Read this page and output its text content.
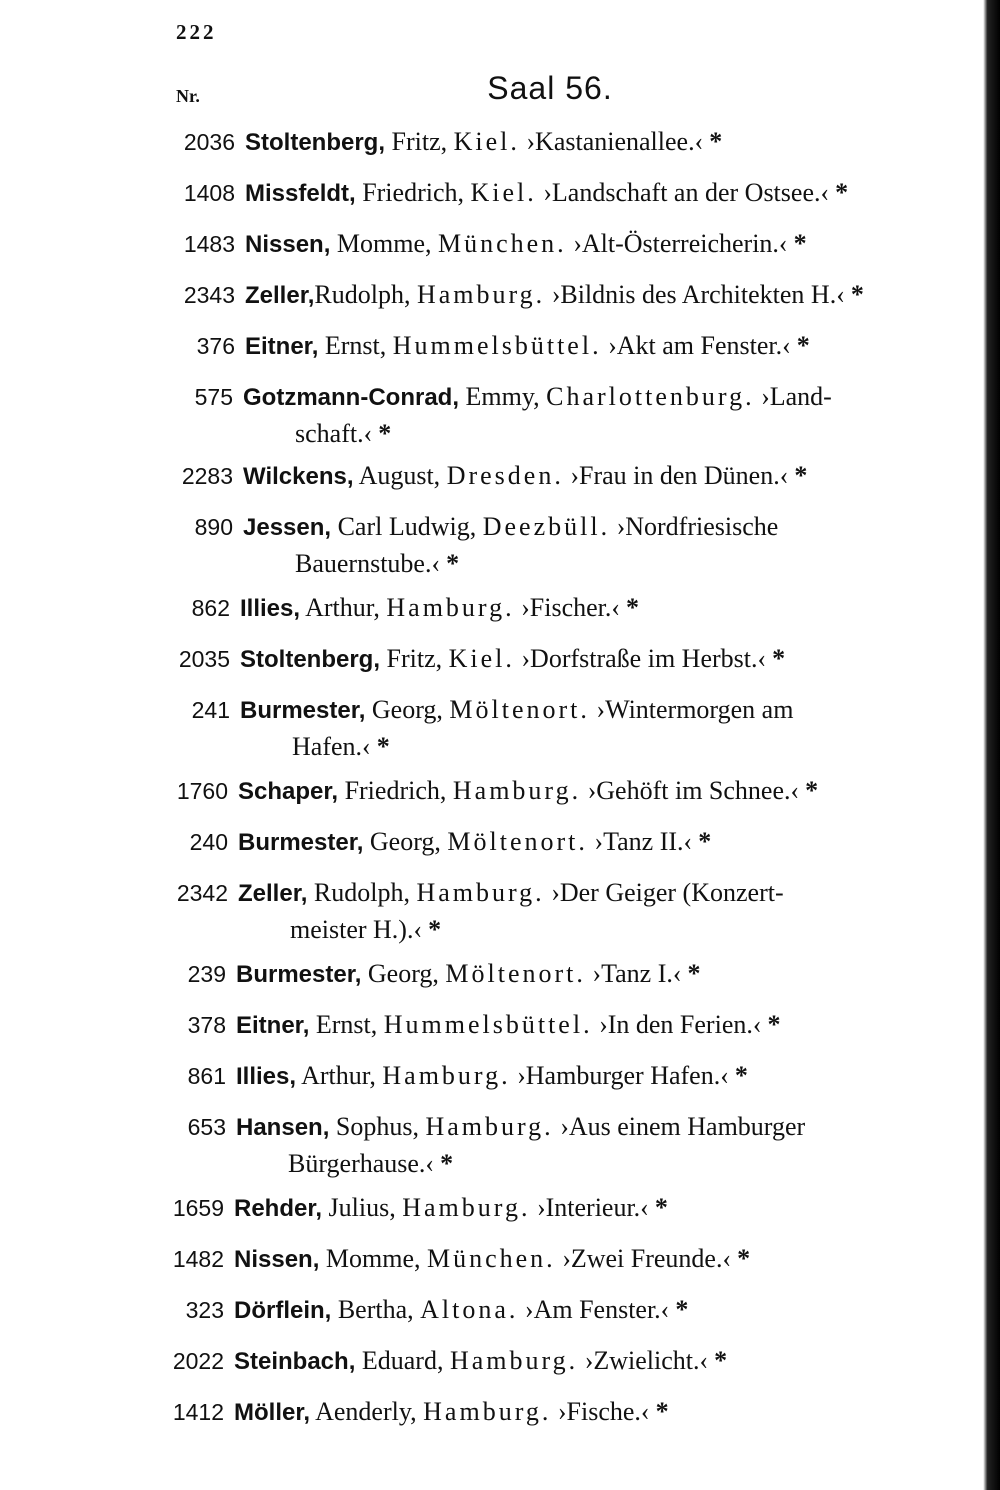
222
Nr.	Saal 56.
2036 Stoltenberg, Fritz, Kiel. ›Kastanienallee.‹ *
1408 Missfeldt, Friedrich, Kiel. ›Landschaft an der Ostsee.‹ *
1483 Nissen, Momme, München. ›Alt-Österreicherin.‹ *
2343 Zeller,Rudolph, Hamburg. ›Bildnis des Architekten H.‹ *
376 Eitner, Ernst, Hummelsbüttel. ›Akt am Fenster.‹ *
575 Gotzmann-Conrad, Emmy, Charlottenburg. ›Land-
schaft.‹ *
2283 Wilckens, August, Dresden. ›Frau in den Dünen.‹ *
890 Jessen, Carl Ludwig, Deezbüll. ›Nordfriesische
Bauernstube.‹ *
862 Illies, Arthur, Hamburg. ›Fischer.‹ *
2035 Stoltenberg, Fritz, Kiel. ›Dorfstraße im Herbst.‹ *
241 Burmester, Georg, Möltenort. ›Wintermorgen am
Hafen.‹ *
1760 Schaper, Friedrich, Hamburg. ›Gehöft im Schnee.‹ *
240 Burmester, Georg, Möltenort. ›Tanz II.‹ *
2342 Zeller, Rudolph, Hamburg. ›Der Geiger (Konzert-
meister H.).‹ *
239 Burmester, Georg, Möltenort. ›Tanz I.‹ *
378 Eitner, Ernst, Hummelsbüttel. ›In den Ferien.‹ *
861 Illies, Arthur, Hamburg. ›Hamburger Hafen.‹ *
653 Hansen, Sophus, Hamburg. ›Aus einem Hamburger
Bürgerhause.‹ *
1659 Rehder, Julius, Hamburg. ›Interieur.‹ *
1482 Nissen, Momme, München. ›Zwei Freunde.‹ *
323 Dörflein, Bertha, Altona. ›Am Fenster.‹ *
2022 Steinbach, Eduard, Hamburg. ›Zwielicht.‹ *
1412 Möller, Aenderly, Hamburg. ›Fische.‹ *
